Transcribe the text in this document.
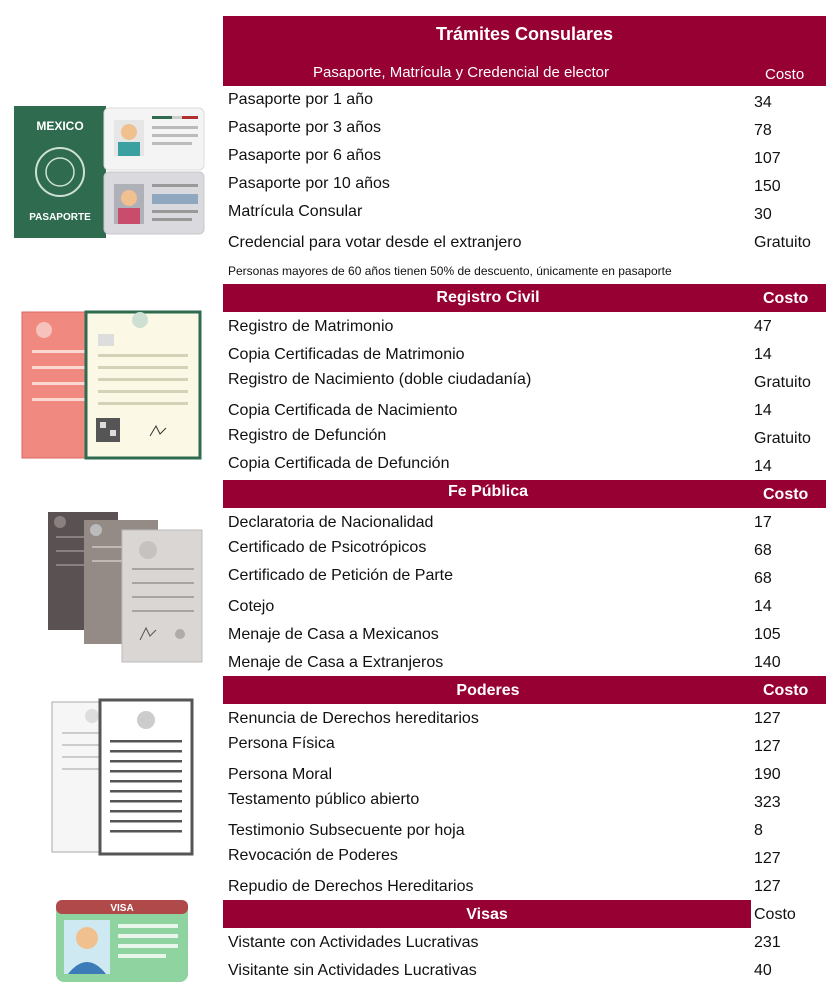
Trámites Consulares
Pasaporte, Matrícula y Credencial de elector	Costo
Pasaporte por 1 año	34
Pasaporte por 3 años	78
Pasaporte por 6 años	107
Pasaporte por 10 años	150
Matrícula Consular	30
Credencial para votar desde el extranjero	Gratuito
Personas mayores de 60 años tienen 50% de descuento, únicamente en pasaporte
Registro Civil	Costo
Registro de Matrimonio	47
Copia Certificadas de Matrimonio	14
Registro de Nacimiento (doble ciudadanía)	Gratuito
Copia Certificada de Nacimiento	14
Registro de Defunción	Gratuito
Copia Certificada de Defunción	14
Fe Pública	Costo
Declaratoria de Nacionalidad	17
Certificado de Psicotrópicos	68
Certificado de Petición de Parte	68
Cotejo	14
Menaje de Casa a Mexicanos	105
Menaje de Casa a Extranjeros	140
Poderes	Costo
Renuncia de Derechos hereditarios	127
Persona Física	127
Persona Moral	190
Testamento público abierto	323
Testimonio Subsecuente por hoja	8
Revocación de Poderes	127
Repudio de Derechos Hereditarios	127
Visas	Costo
Vistante con Actividades Lucrativas	231
Visitante sin Actividades Lucrativas	40
MEXICO
PASAPORTE
VISA
